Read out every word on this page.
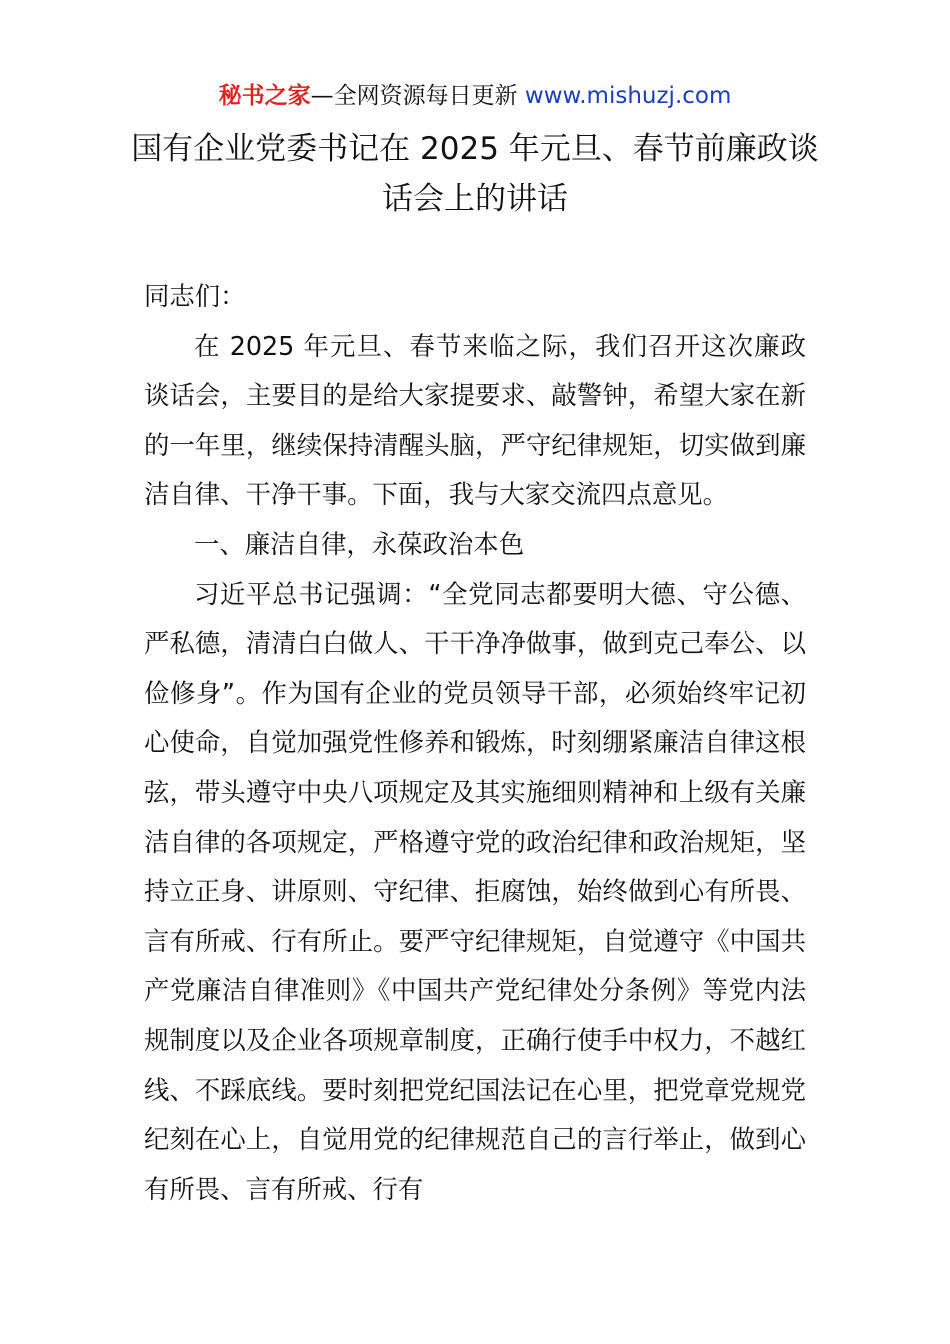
秘书之家—全网资源每日更新 www.mishuzj.com
国有企业党委书记在 2025 年元旦、春节前廉政谈话会上的讲话

同志们：

在 2025 年元旦、春节来临之际，我们召开这次廉政谈话会，主要目的是给大家提要求、敲警钟，希望大家在新的一年里，继续保持清醒头脑，严守纪律规矩，切实做到廉洁自律、干净干事。下面，我与大家交流四点意见。

一、廉洁自律，永葆政治本色

习近平总书记强调：“全党同志都要明大德、守公德、严私德，清清白白做人、干干净净做事，做到克己奉公、以俭修身”。作为国有企业的党员领导干部，必须始终牢记初心使命，自觉加强党性修养和锻炼，时刻绷紧廉洁自律这根弦，带头遵守中央八项规定及其实施细则精神和上级有关廉洁自律的各项规定，严格遵守党的政治纪律和政治规矩，坚持立正身、讲原则、守纪律、拒腐蚀，始终做到心有所畏、言有所戒、行有所止。要严守纪律规矩，自觉遵守《中国共产党廉洁自律准则》《中国共产党纪律处分条例》等党内法规制度以及企业各项规章制度，正确行使手中权力，不越红线、不踩底线。要时刻把党纪国法记在心里，把党章党规党纪刻在心上，自觉用党的纪律规范自己的言行举止，做到心有所畏、言有所戒、行有
